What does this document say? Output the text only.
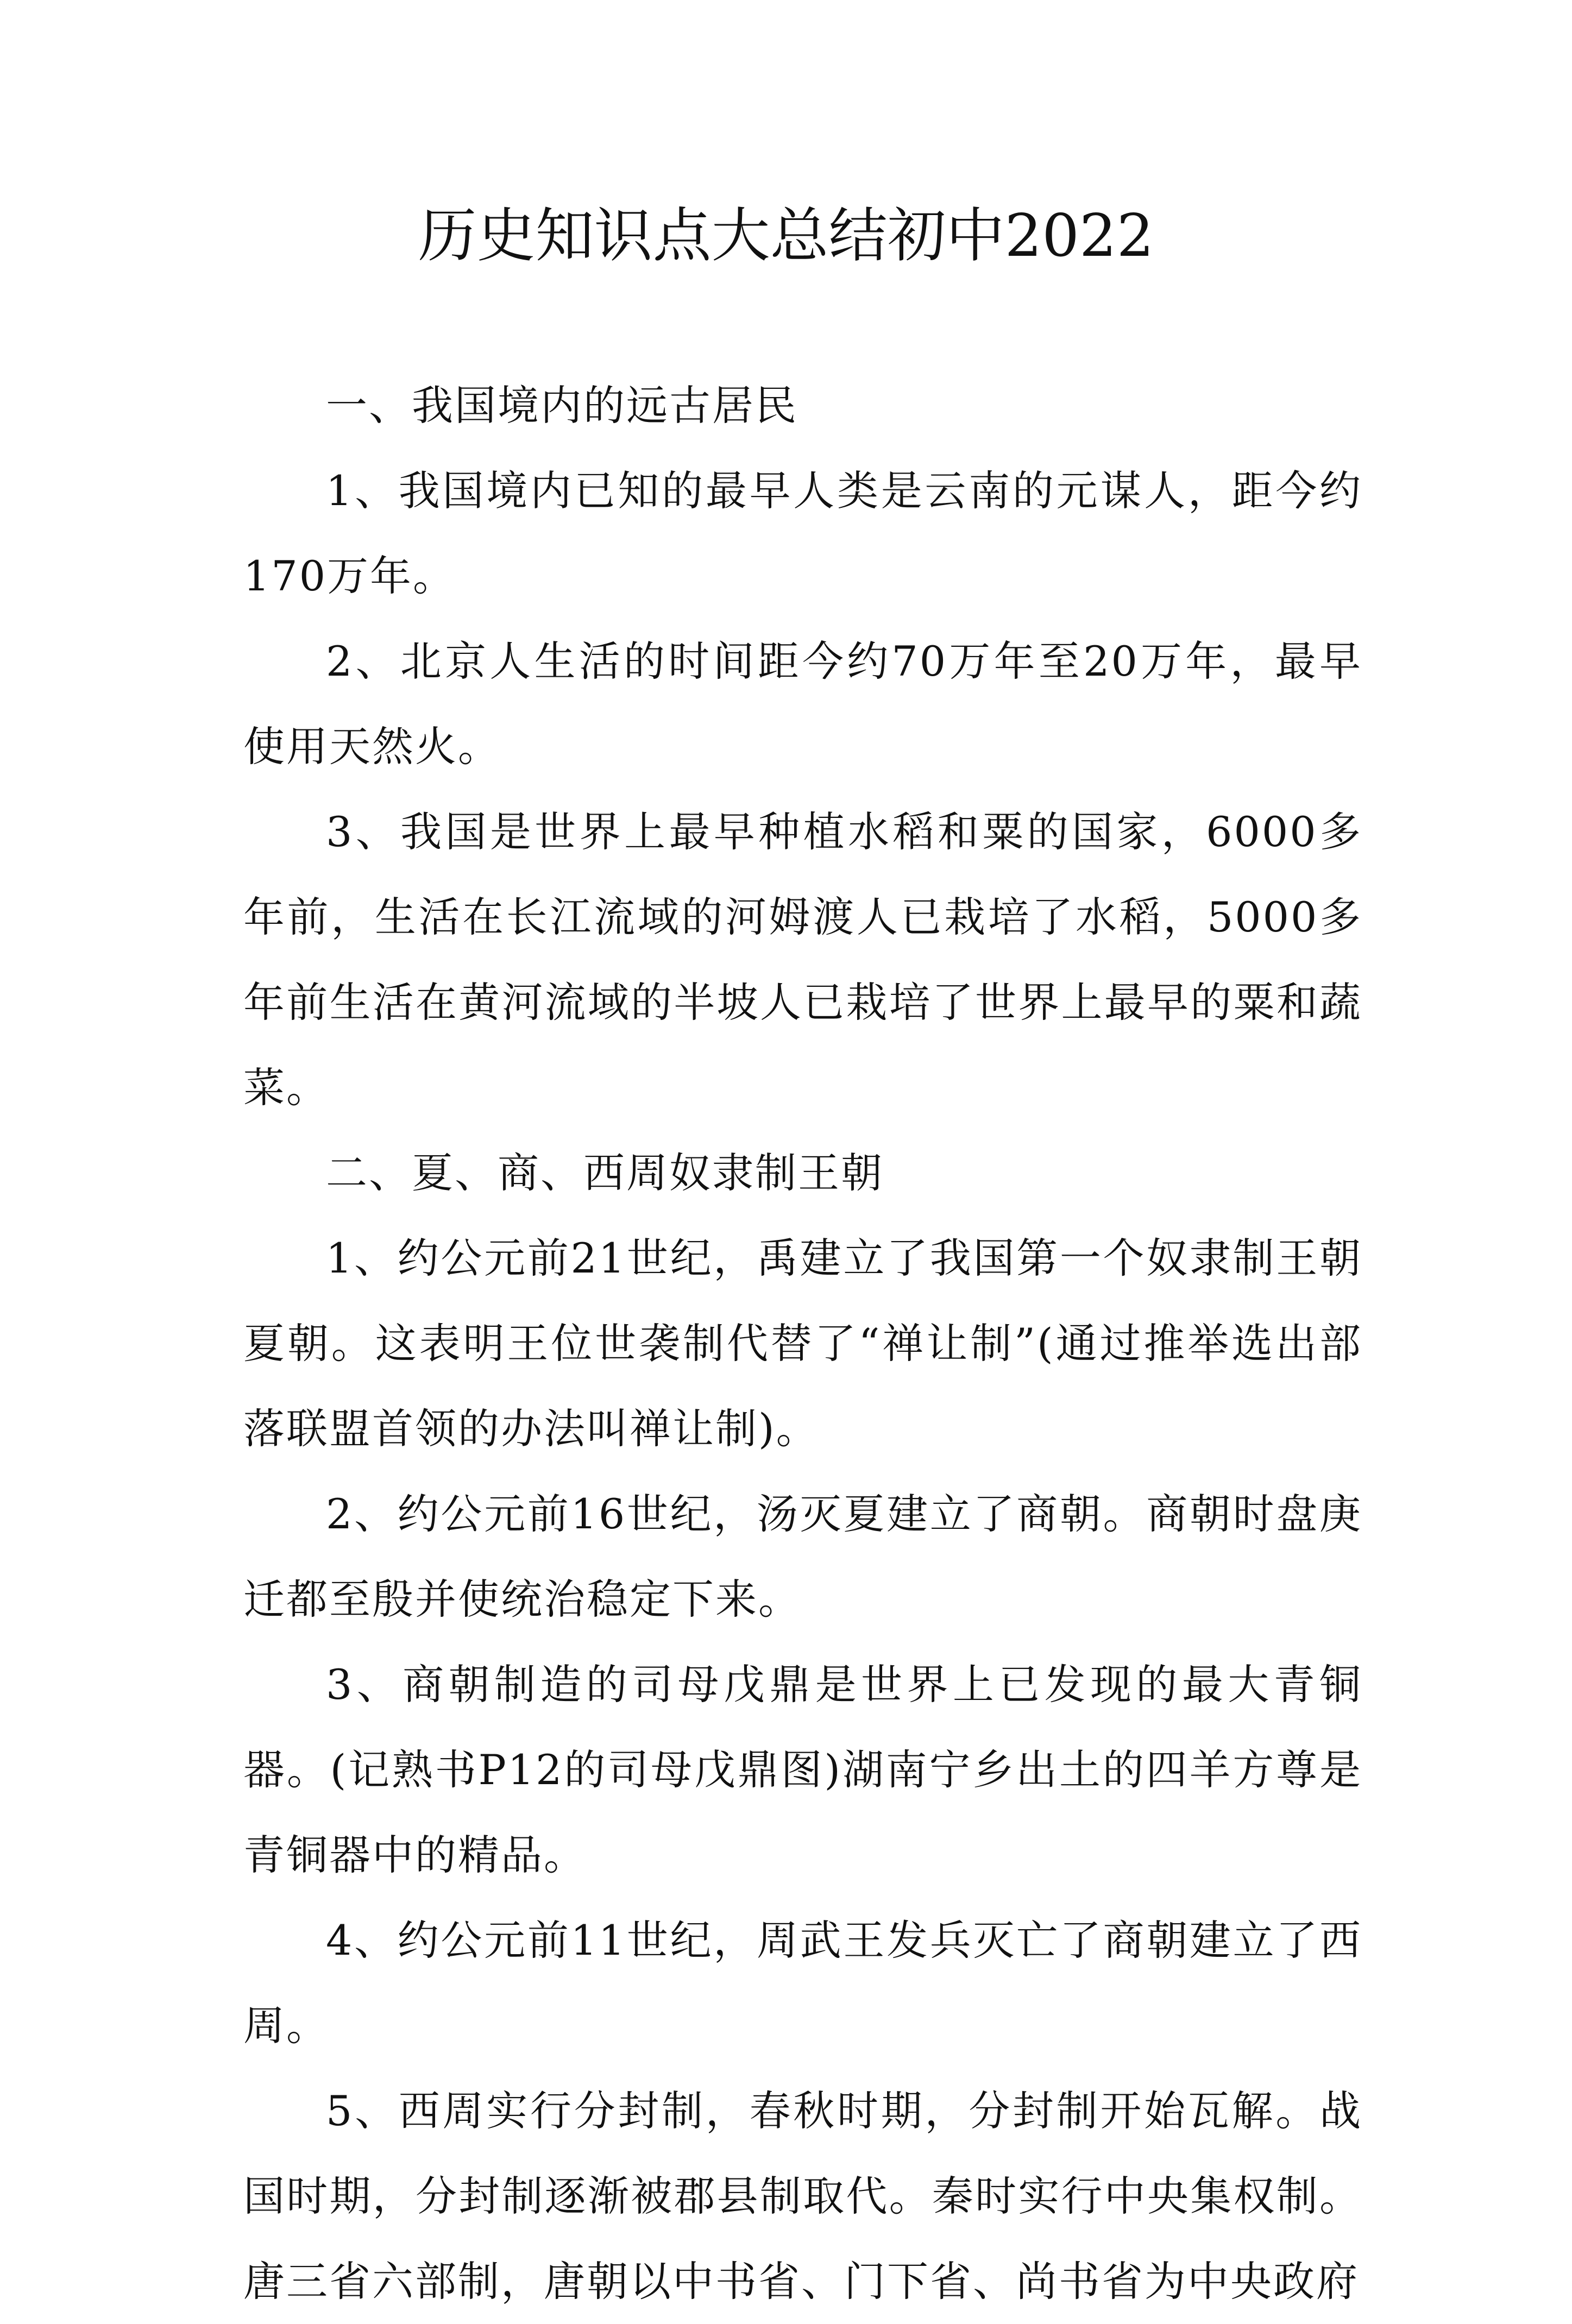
历史知识点大总结初中2022

一、我国境内的远古居民

1、我国境内已知的最早人类是云南的元谋人，距今约170万年。

2、北京人生活的时间距今约70万年至20万年，最早使用天然火。

3、我国是世界上最早种植水稻和粟的国家，6000多年前，生活在长江流域的河姆渡人已栽培了水稻，5000多年前生活在黄河流域的半坡人已栽培了世界上最早的粟和蔬菜。

二、夏、商、西周奴隶制王朝

1、约公元前21世纪，禹建立了我国第一个奴隶制王朝夏朝。这表明王位世袭制代替了“禅让制”(通过推举选出部落联盟首领的办法叫禅让制)。

2、约公元前16世纪，汤灭夏建立了商朝。商朝时盘庚迁都至殷并使统治稳定下来。

3、商朝制造的司母戊鼎是世界上已发现的最大青铜器。(记熟书P12的司母戊鼎图)湖南宁乡出土的四羊方尊是青铜器中的精品。

4、约公元前11世纪，周武王发兵灭亡了商朝建立了西周。

5、西周实行分封制，春秋时期，分封制开始瓦解。战国时期，分封制逐渐被郡县制取代。秦时实行中央集权制。唐三省六部制，唐朝以中书省、门下省、尚书省为中央政府
